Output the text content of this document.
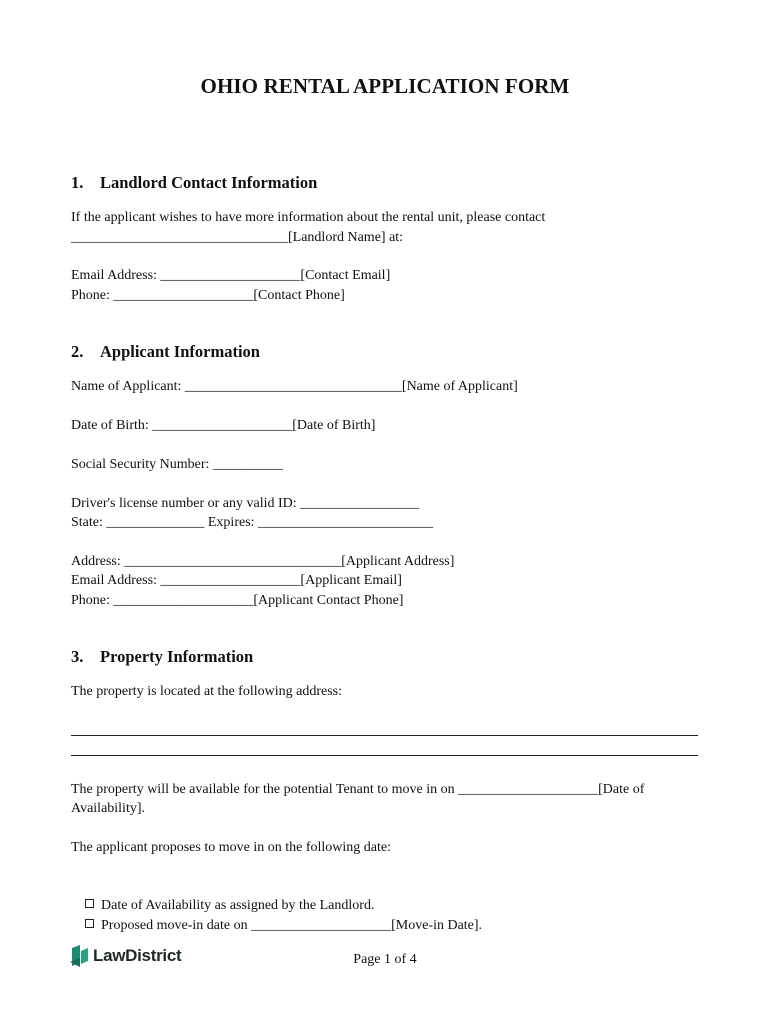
OHIO RENTAL APPLICATION FORM
1. Landlord Contact Information
If the applicant wishes to have more information about the rental unit, please contact
_______________________________[Landlord Name] at:
Email Address: ____________________[Contact Email]
Phone: ____________________[Contact Phone]
2. Applicant Information
Name of Applicant: _______________________________[Name of Applicant]
Date of Birth: ____________________[Date of Birth]
Social Security Number: __________
Driver's license number or any valid ID: _________________
State: ______________ Expires: _________________________
Address: _______________________________[Applicant Address]
Email Address: ____________________[Applicant Email]
Phone: ____________________[Applicant Contact Phone]
3. Property Information
The property is located at the following address:
The property will be available for the potential Tenant to move in on ____________________[Date of
Availability].
The applicant proposes to move in on the following date:

Date of Availability as assigned by the Landlord.

Proposed move-in date on ____________________[Move-in Date].

LawDistrict	Page 1 of 4
